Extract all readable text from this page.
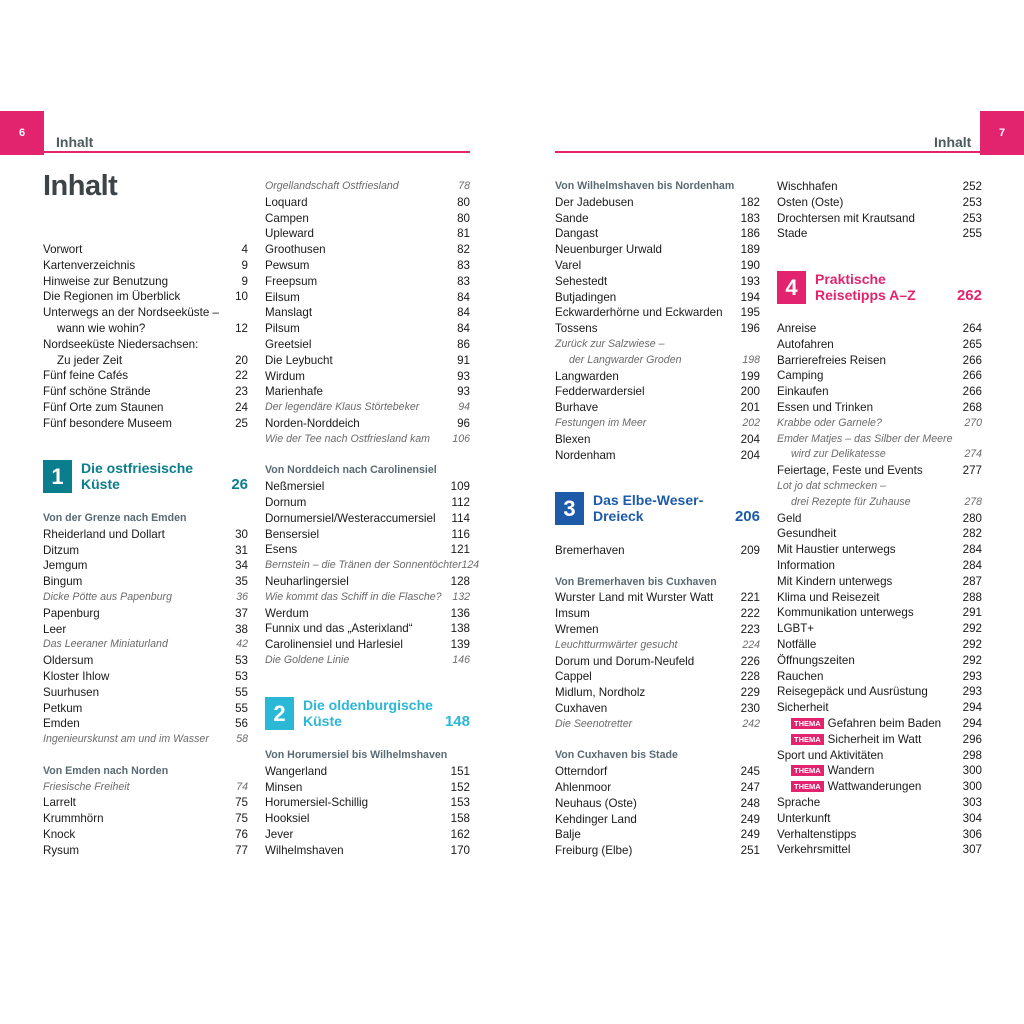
6
Inhalt
7
Inhalt
Inhalt
Vorwort	4
Kartenverzeichnis	9
Hinweise zur Benutzung	9
Die Regionen im Überblick	10
Unterwegs an der Nordseeküste –
wann wie wohin?	12
Nordseeküste Niedersachsen:
Zu jeder Zeit	20
Fünf feine Cafés	22
Fünf schöne Strände	23
Fünf Orte zum Staunen	24
Fünf besondere Museem	25
Von der Grenze nach Emden
Rheiderland und Dollart	30
Ditzum	31
Jemgum	34
Bingum	35
Dicke Pötte aus Papenburg	36
Papenburg	37
Leer	38
Das Leeraner Miniaturland	42
Oldersum	53
Kloster Ihlow	53
Suurhusen	55
Petkum	55
Emden	56
Ingenieurskunst am und im Wasser	58
Von Emden nach Norden
Friesische Freiheit	74
Larrelt	75
Krummhörn	75
Knock	76
Rysum	77
Orgellandschaft Ostfriesland	78
Loquard	80
Campen	80
Upleward	81
Groothusen	82
Pewsum	83
Freepsum	83
Eilsum	84
Manslagt	84
Pilsum	84
Greetsiel	86
Die Leybucht	91
Wirdum	93
Marienhafe	93
Der legendäre Klaus Störtebeker	94
Norden-Norddeich	96
Wie der Tee nach Ostfriesland kam 106
Von Norddeich nach Carolinensiel
Neßmersiel	109
Dornum	112
Dornumersiel/Westeraccumersiel 114
Bensersiel	116
Esens	121
Bernstein – die Tränen der Sonnentöchter 124
Neuharlingersiel	128
Wie kommt das Schiff in die Flasche? 132
Werdum	136
Funnix und das „Asterixland“	138
Carolinensiel und Harlesiel	139
Die Goldene Linie	146
Von Horumersiel bis Wilhelmshaven
Wangerland	151
Minsen	152
Horumersiel-Schillig	153
Hooksiel	158
Jever	162
Wilhelmshaven	170
Von Wilhelmshaven bis Nordenham
Der Jadebusen	182
Sande	183
Dangast	186
Neuenburger Urwald	189
Varel	190
Sehestedt	193
Butjadingen	194
Eckwarderhörne und Eckwarden 195
Tossens	196
Zurück zur Salzwiese –
der Langwarder Groden	198
Langwarden	199
Fedderwardersiel	200
Burhave	201
Festungen im Meer	202
Blexen	204
Nordenham	204
Bremerhaven	209
Von Bremerhaven bis Cuxhaven
Wurster Land mit Wurster Watt 221
Imsum	222
Wremen	223
Leuchtturmwärter gesucht	224
Dorum und Dorum-Neufeld	226
Cappel	228
Midlum, Nordholz	229
Cuxhaven	230
Die Seenotretter	242
Von Cuxhaven bis Stade
Otterndorf	245
Ahlenmoor	247
Neuhaus (Oste)	248
Kehdinger Land	249
Balje	249
Freiburg (Elbe)	251
Wischhafen	252
Osten (Oste)	253
Drochtersen mit Krautsand	253
Stade	255
Anreise	264
Autofahren	265
Barrierefreies Reisen	266
Camping	266
Einkaufen	266
Essen und Trinken	268
Krabbe oder Garnele?	270
Emder Matjes – das Silber der Meere
wird zur Delikatesse	274
Feiertage, Feste und Events	277
Lot jo dat schmecken –
drei Rezepte für Zuhause	278
Geld	280
Gesundheit	282
Mit Haustier unterwegs	284
Information	284
Mit Kindern unterwegs	287
Klima und Reisezeit	288
Kommunikation unterwegs	291
LGBT+	292
Notfälle	292
Öffnungszeiten	292
Rauchen	293
Reisegepäck und Ausrüstung	293
Sicherheit	294
THEMA Gefahren beim Baden 294
THEMA Sicherheit im Watt	296
Sport und Aktivitäten	298
THEMA Wandern	300
THEMA Wattwanderungen	300
Sprache	303
Unterkunft	304
Verhaltenstipps	306
Verkehrsmittel	307
1	Die ostfriesische
Küste	26
2	Die oldenburgische
Küste	148
3	Das Elbe-Weser-
Dreieck	206
4	Praktische
Reisetipps A–Z	262
